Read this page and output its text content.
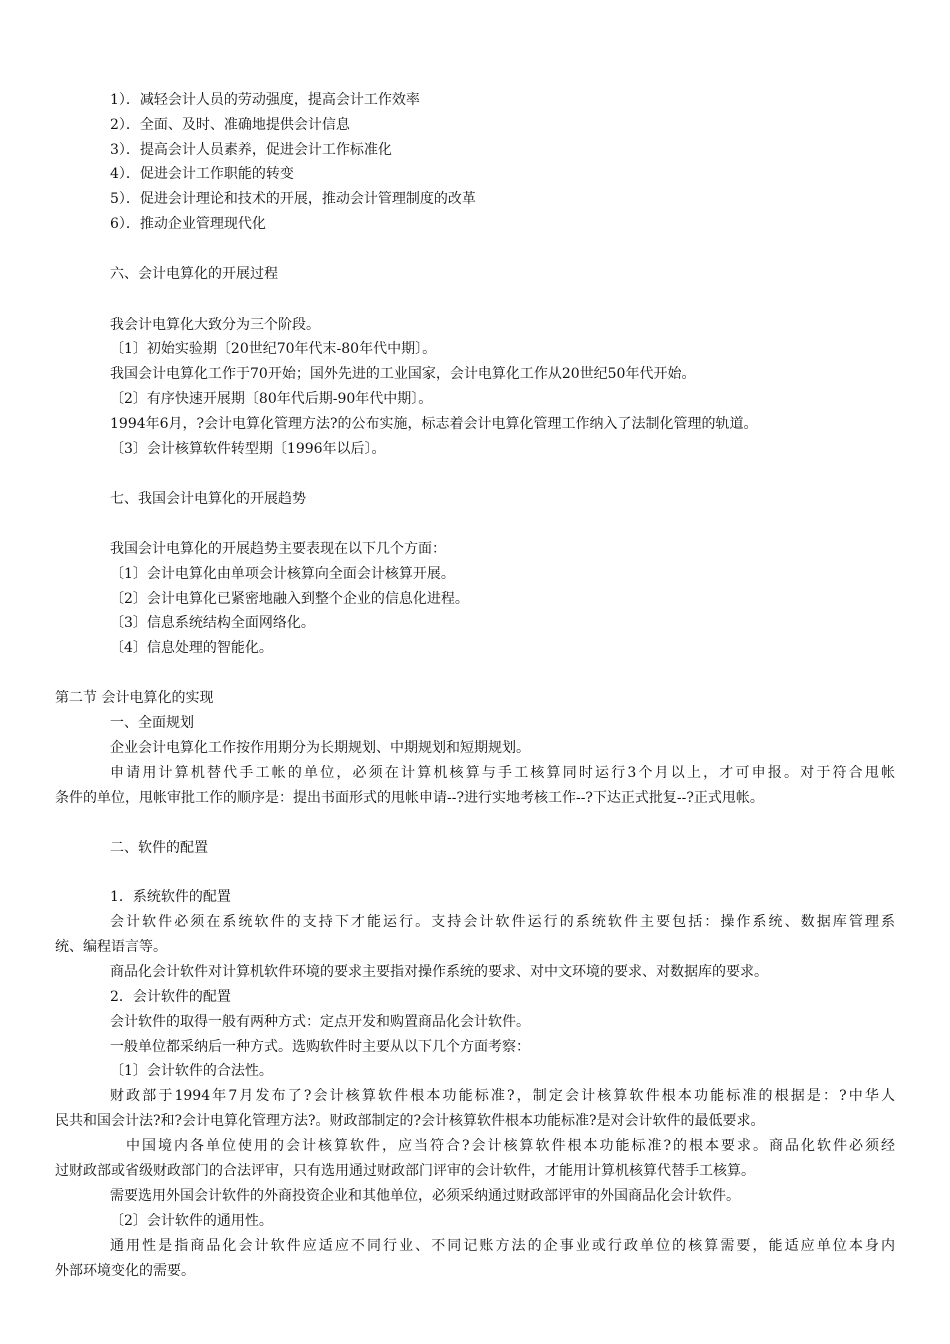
1）．减轻会计人员的劳动强度，提高会计工作效率
2）．全面、及时、准确地提供会计信息
3）．提高会计人员素养，促进会计工作标准化
4）．促进会计工作职能的转变
5）．促进会计理论和技术的开展，推动会计管理制度的改革
6）．推动企业管理现代化
六、会计电算化的开展过程
我会计电算化大致分为三个阶段。
〔1〕初始实验期〔20世纪70年代末-80年代中期〕。
我国会计电算化工作于70开始；国外先进的工业国家，会计电算化工作从20世纪50年代开始。
〔2〕有序快速开展期〔80年代后期-90年代中期〕。
1994年6月，?会计电算化管理方法?的公布实施，标志着会计电算化管理工作纳入了法制化管理的轨道。
〔3〕会计核算软件转型期〔1996年以后〕。
七、我国会计电算化的开展趋势
我国会计电算化的开展趋势主要表现在以下几个方面：
〔1〕会计电算化由单项会计核算向全面会计核算开展。
〔2〕会计电算化已紧密地融入到整个企业的信息化进程。
〔3〕信息系统结构全面网络化。
〔4〕信息处理的智能化。
第二节 会计电算化的实现
一、全面规划
企业会计电算化工作按作用期分为长期规划、中期规划和短期规划。
申请用计算机替代手工帐的单位，必须在计算机核算与手工核算同时运行3个月以上，才可申报。对于符合甩帐
条件的单位，甩帐审批工作的顺序是：提出书面形式的甩帐申请--?进行实地考核工作--?下达正式批复--?正式甩帐。
二、软件的配置
1．系统软件的配置
会计软件必须在系统软件的支持下才能运行。支持会计软件运行的系统软件主要包括：操作系统、数据库管理系
统、编程语言等。
商品化会计软件对计算机软件环境的要求主要指对操作系统的要求、对中文环境的要求、对数据库的要求。
2．会计软件的配置
会计软件的取得一般有两种方式：定点开发和购置商品化会计软件。
一般单位都采纳后一种方式。选购软件时主要从以下几个方面考察：
〔1〕会计软件的合法性。
财政部于1994年7月发布了?会计核算软件根本功能标准?，制定会计核算软件根本功能标准的根据是：?中华人
民共和国会计法?和?会计电算化管理方法?。财政部制定的?会计核算软件根本功能标准?是对会计软件的最低要求。
中国境内各单位使用的会计核算软件，应当符合?会计核算软件根本功能标准?的根本要求。商品化软件必须经
过财政部或省级财政部门的合法评审，只有选用通过财政部门评审的会计软件，才能用计算机核算代替手工核算。
需要选用外国会计软件的外商投资企业和其他单位，必须采纳通过财政部评审的外国商品化会计软件。
〔2〕会计软件的通用性。
通用性是指商品化会计软件应适应不同行业、不同记账方法的企事业或行政单位的核算需要，能适应单位本身内
外部环境变化的需要。
